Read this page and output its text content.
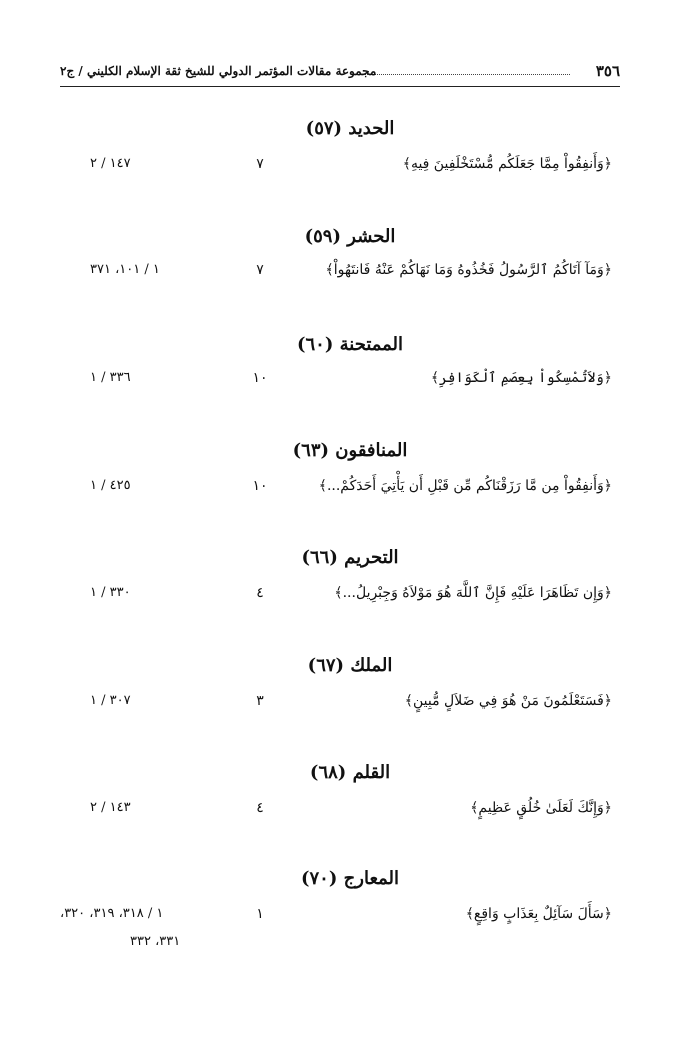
٣٥٦
مجموعة مقالات المؤتمر الدولي للشيخ ثقة الإسلام الكليني / ج٢
الحديد (٥٧)
﴿وَأَنفِقُواْ مِمَّا جَعَلَكُم مُّسْتَخْلَفِينَ فِيهِ﴾
٧
١٤٧ / ٢
الحشر (٥٩)
﴿وَمَآ آتَاكُمُ ٱلرَّسُولُ فَخُذُوهُ وَمَا نَهَاكُمْ عَنْهُ فَانتَهُواْ﴾
٧
١ / ١٠١، ٣٧١
الممتحنة (٦٠)
﴿وَلاَتُمْسِكُواْ بِعِصَمِ ٱلْكَوَافِرِ﴾
١٠
٣٣٦ / ١
المنافقون (٦٣)
﴿وَأَنفِقُواْ مِن مَّا رَزَقْنَاكُم مِّن قَبْلِ أَن يَأْتِيَ أَحَدَكُمْ...﴾
١٠
٤٢٥ / ١
التحريم (٦٦)
﴿وَإِن تَظَاهَرَا عَلَيْهِ فَإِنَّ ٱللَّهَ هُوَ مَوْلاَهُ وَجِبْرِيلُ...﴾
٤
٣٣٠ / ١
الملك (٦٧)
﴿فَسَتَعْلَمُونَ مَنْ هُوَ فِي ضَلاَلٍ مُّبِينٍ﴾
٣
٣٠٧ / ١
القلم (٦٨)
﴿وَإِنَّكَ لَعَلَىٰ خُلُقٍ عَظِيمٍ﴾
٤
١٤٣ / ٢
المعارج (٧٠)
﴿سَأَلَ سَآئِلٌ بِعَذَابٍ وَاقِعٍ﴾
١
١ / ٣١٨، ٣١٩، ٣٢٠،
٣٣١، ٣٣٢
